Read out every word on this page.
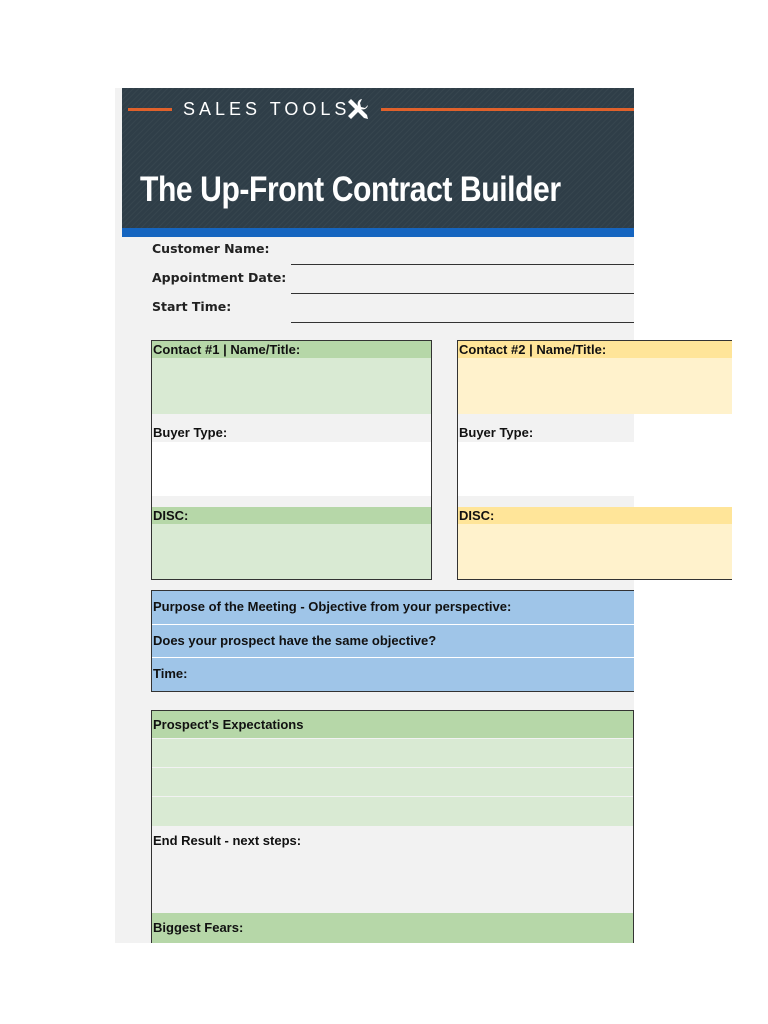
SALES TOOLS
The Up-Front Contract Builder
Customer Name:
Appointment Date:
Start Time:
Contact #1 | Name/Title:
Buyer Type:
DISC:
Contact #2 | Name/Title:
Buyer Type:
DISC:
Purpose of the Meeting - Objective from your perspective:
Does your prospect have the same objective?
Time:
Prospect's Expectations
End Result - next steps:
Biggest Fears:
